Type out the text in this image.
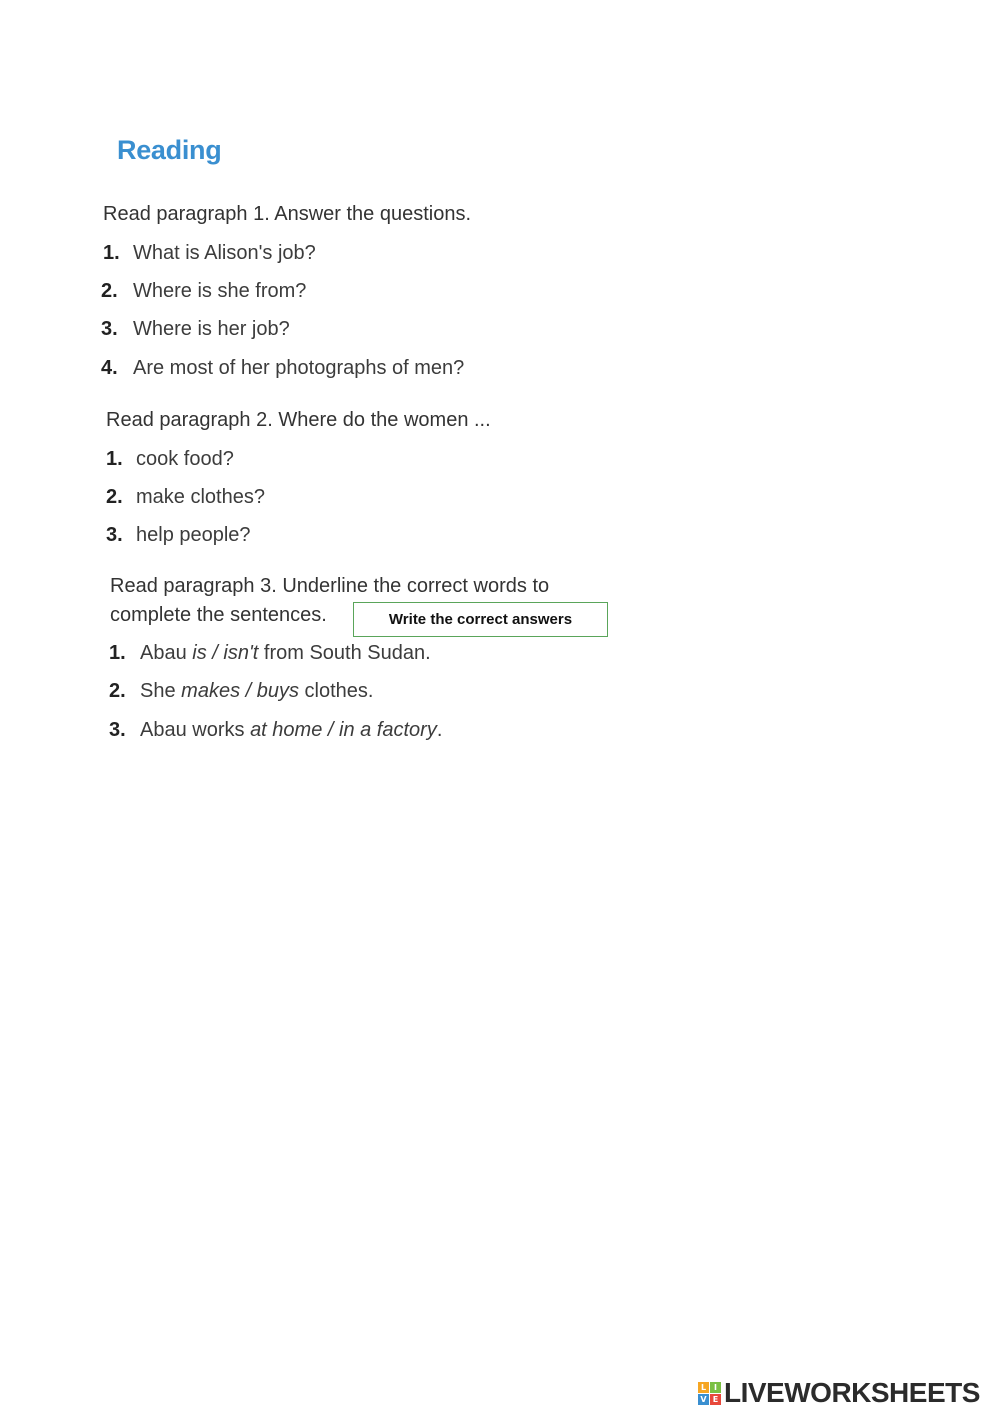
Reading

Read paragraph 1. Answer the questions.

1. What is Alison's job?
2. Where is she from?
3. Where is her job?
4. Are most of her photographs of men?

Read paragraph 2. Where do the women ...

1. cook food?
2. make clothes?
3. help people?

Read paragraph 3. Underline the correct words to
complete the sentences.	Write the correct answers
1. Abau is / isn't from South Sudan.
2. She makes / buys clothes.
3. Abau works at home / in a factory.
L I
V E LIVEWORKSHEETS
